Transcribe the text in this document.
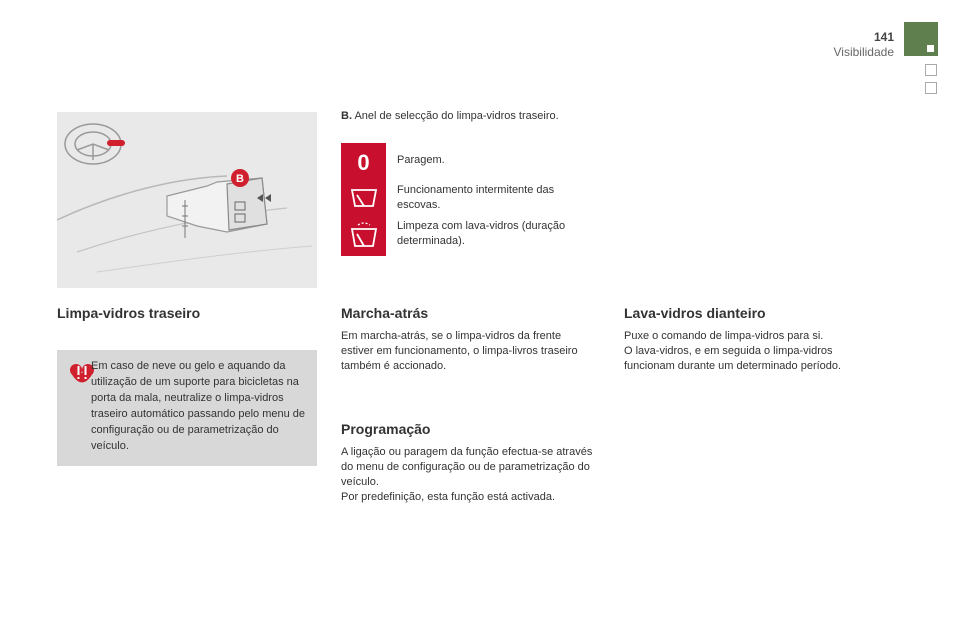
141
Visibilidade
B
B. Anel de selecção do limpa-vidros traseiro.
0 Paragem.
Funcionamento intermitente das escovas.
Limpeza com lava-vidros (duração determinada).
Limpa-vidros traseiro
Em caso de neve ou gelo e aquando da utilização de um suporte para bicicletas na porta da mala, neutralize o limpa-vidros traseiro automático passando pelo menu de configuração ou de parametrização do veículo.
Marcha-atrás

Em marcha-atrás, se o limpa-vidros da frente estiver em funcionamento, o limpa-livros traseiro também é accionado.

Programação

A ligação ou paragem da função efectua-se através do menu de configuração ou de parametrização do veículo.

Por predefinição, esta função está activada.

Lava-vidros dianteiro

Puxe o comando de limpa-vidros para si.

O lava-vidros, e em seguida o limpa-vidros funcionam durante um determinado período.
